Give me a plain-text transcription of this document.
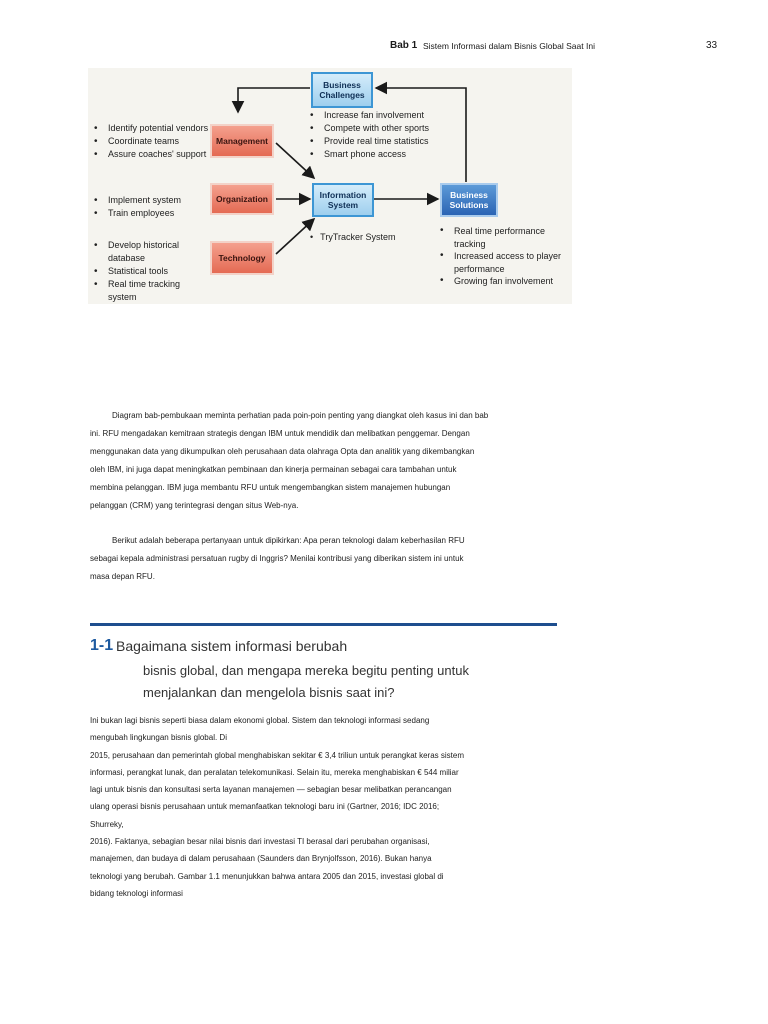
Bab 1 Sistem Informasi dalam Bisnis Global Saat Ini	33
Business
Challenges
• Increase fan involvement
• Compete with other sports
• Provide real time statistics
• Smart phone access
• Identify potential vendors
• Coordinate teams
• Assure coaches' support
Management
• Implement system
• Train employees
Organization
• Develop historical database
• Statistical tools
• Real time tracking system
Technology
Information
System
• TryTracker System
Business
Solutions
• Real time performance tracking
• Increased access to player performance
• Growing fan involvement
Diagram bab-pembukaan meminta perhatian pada poin-poin penting yang diangkat oleh kasus ini dan bab
ini. RFU mengadakan kemitraan strategis dengan IBM untuk mendidik dan melibatkan penggemar. Dengan
menggunakan data yang dikumpulkan oleh perusahaan data olahraga Opta dan analitik yang dikembangkan
oleh IBM, ini juga dapat meningkatkan pembinaan dan kinerja permainan sebagai cara tambahan untuk
membina pelanggan. IBM juga membantu RFU untuk mengembangkan sistem manajemen hubungan
pelanggan (CRM) yang terintegrasi dengan situs Web-nya.
Berikut adalah beberapa pertanyaan untuk dipikirkan: Apa peran teknologi dalam keberhasilan RFU
sebagai kepala administrasi persatuan rugby di Inggris? Menilai kontribusi yang diberikan sistem ini untuk
masa depan RFU.
1-1 Bagaimana sistem informasi berubah
bisnis global, dan mengapa mereka begitu penting untuk
menjalankan dan mengelola bisnis saat ini?
Ini bukan lagi bisnis seperti biasa dalam ekonomi global. Sistem dan teknologi informasi sedang
mengubah lingkungan bisnis global. Di
2015, perusahaan dan pemerintah global menghabiskan sekitar € 3,4 triliun untuk perangkat keras sistem
informasi, perangkat lunak, dan peralatan telekomunikasi. Selain itu, mereka menghabiskan € 544 miliar
lagi untuk bisnis dan konsultasi serta layanan manajemen — sebagian besar melibatkan perancangan
ulang operasi bisnis perusahaan untuk memanfaatkan teknologi baru ini (Gartner, 2016; IDC 2016;
Shurreky,
2016). Faktanya, sebagian besar nilai bisnis dari investasi TI berasal dari perubahan organisasi,
manajemen, dan budaya di dalam perusahaan (Saunders dan Brynjolfsson, 2016). Bukan hanya
teknologi yang berubah. Gambar 1.1 menunjukkan bahwa antara 2005 dan 2015, investasi global di
bidang teknologi informasi
